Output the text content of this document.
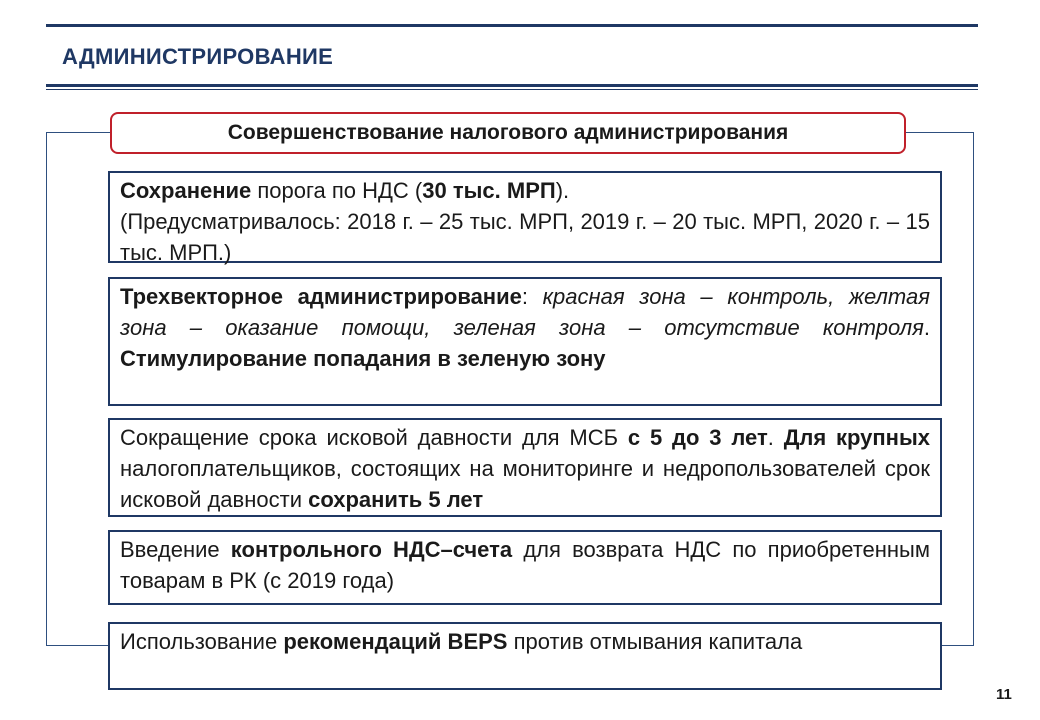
АДМИНИСТРИРОВАНИЕ
Совершенствование налогового администрирования

Сохранение порога по НДС (30 тыс. МРП).

(Предусматривалось: 2018 г. – 25 тыс. МРП, 2019 г. – 20 тыс. МРП, 2020 г. – 15 тыс. МРП.)

Трехвекторное администрирование: красная зона – контроль, желтая зона – оказание помощи, зеленая зона – отсутствие контроля. Стимулирование попадания в зеленую зону

Сокращение срока исковой давности для МСБ с 5 до 3 лет. Для крупных налогоплательщиков, состоящих на мониторинге и недропользователей срок исковой давности сохранить 5 лет

Введение контрольного НДС–счета для возврата НДС по приобретенным товарам в РК (с 2019 года)

Использование рекомендаций BEPS против отмывания капитала

11
